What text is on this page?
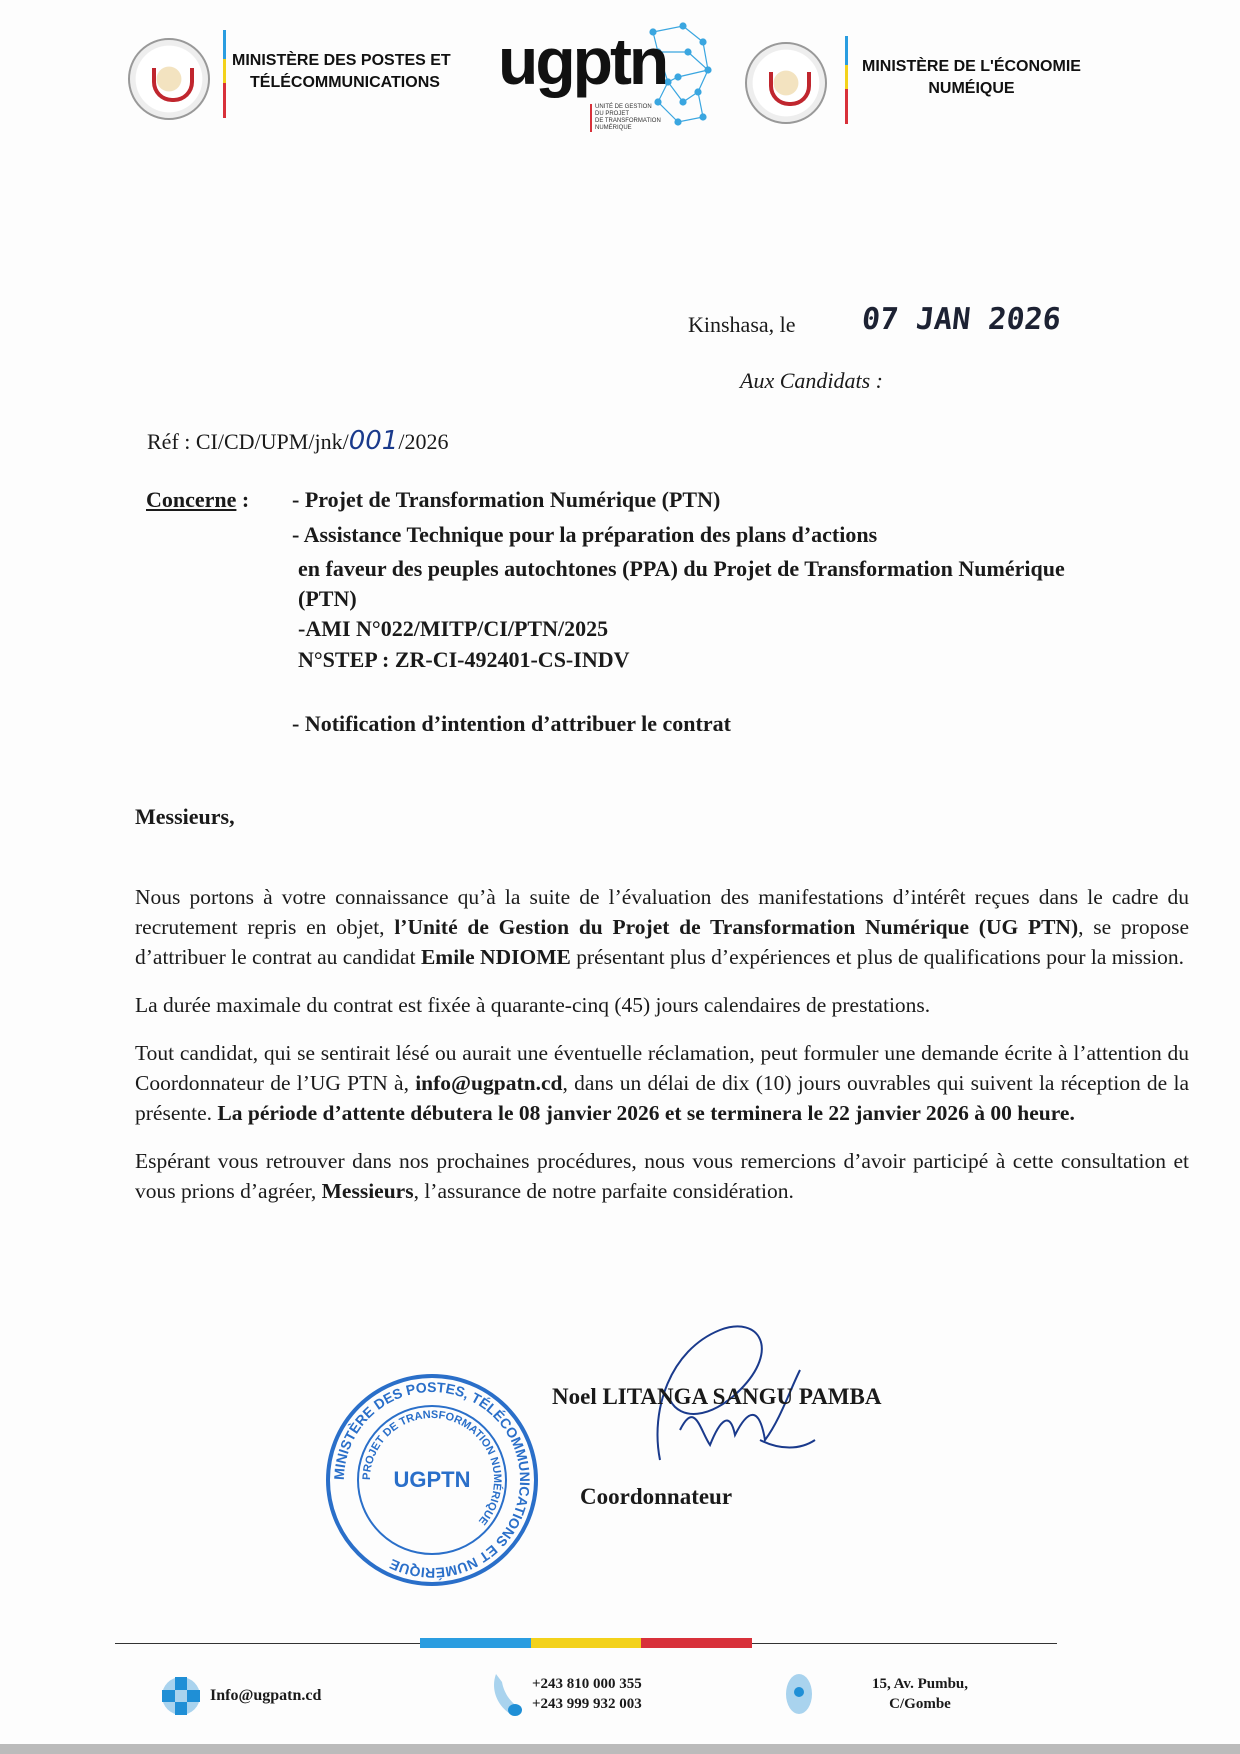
MINISTÈRE DES POSTES ET
TÉLÉCOMMUNICATIONS ugptn
UNITÉ DE GESTION
DU PROJET
DE TRANSFORMATION
NUMÉRIQUE
MINISTÈRE DE L'ÉCONOMIE
NUMÉIQUE
Kinshasa, le 07 JAN 2026
Aux Candidats :
Réf : CI/CD/UPM/jnk/001/2026
Concerne : - Projet de Transformation Numérique (PTN)
- Assistance Technique pour la préparation des plans d’actions
en faveur des peuples autochtones (PPA) du Projet de Transformation Numérique
(PTN)
-AMI N°022/MITP/CI/PTN/2025
N°STEP : ZR-CI-492401-CS-INDV
- Notification d’intention d’attribuer le contrat
Messieurs,

Nous portons à votre connaissance qu’à la suite de l’évaluation des manifestations d’intérêt reçues dans le cadre du recrutement repris en objet, l’Unité de Gestion du Projet de Transformation Numérique (UG PTN), se propose d’attribuer le contrat au candidat Emile NDIOME présentant plus d’expériences et plus de qualifications pour la mission.

La durée maximale du contrat est fixée à quarante-cinq (45) jours calendaires de prestations.

Tout candidat, qui se sentirait lésé ou aurait une éventuelle réclamation, peut formuler une demande écrite à l’attention du Coordonnateur de l’UG PTN à, info@ugpatn.cd, dans un délai de dix (10) jours ouvrables qui suivent la réception de la présente. La période d’attente débutera le 08 janvier 2026 et se terminera le 22 janvier 2026 à 00 heure.

Espérant vous retrouver dans nos prochaines procédures, nous vous remercions d’avoir participé à cette consultation et vous prions d’agréer, Messieurs, l’assurance de notre parfaite considération.

MINISTÈRE DES POSTES, TÉLÉCOMMUNICATIONS ET NUMÉRIQUE
PROJET DE TRANSFORMATION NUMÉRIQUE
UGPTN
Noel LITANGA SANGU PAMBA
Coordonnateur
Info@ugpatn.cd
+243 810 000 355
+243 999 932 003
15, Av. Pumbu,
C/Gombe
